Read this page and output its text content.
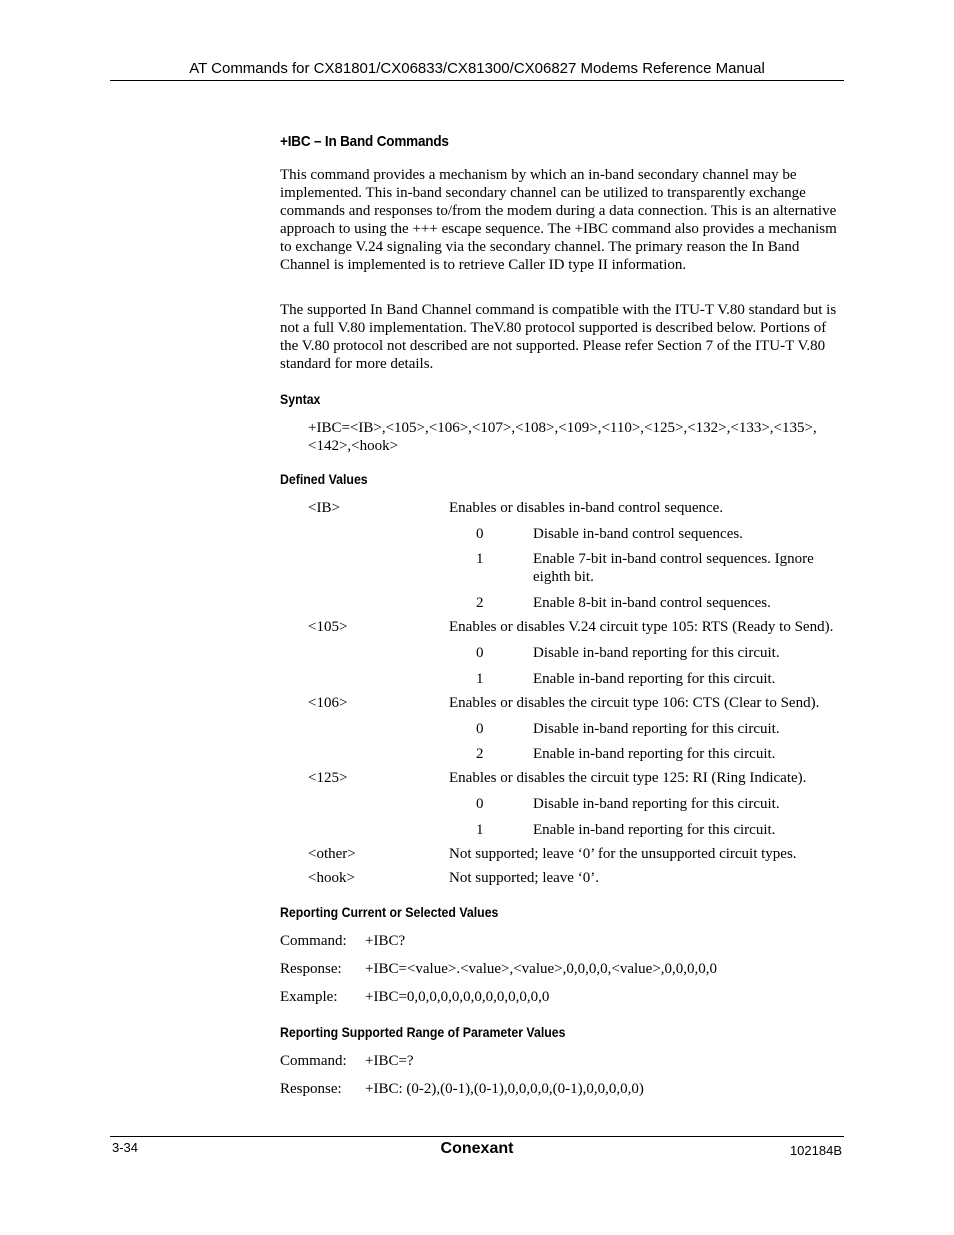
AT Commands for CX81801/CX06833/CX81300/CX06827 Modems Reference Manual
+IBC – In Band Commands
This command provides a mechanism by which an in-band secondary channel may be implemented. This in-band secondary channel can be utilized to transparently exchange commands and responses to/from the modem during a data connection. This is an alternative approach to using the +++ escape sequence. The +IBC command also provides a mechanism to exchange V.24 signaling via the secondary channel. The primary reason the In Band Channel is implemented is to retrieve Caller ID type II information.
The supported In Band Channel command is compatible with the ITU-T V.80 standard but is not a full V.80 implementation. TheV.80 protocol supported is described below. Portions of the V.80 protocol not described are not supported. Please refer Section 7 of the ITU-T V.80 standard for more details.
Syntax
+IBC=<IB>,<105>,<106>,<107>,<108>,<109>,<110>,<125>,<132>,<133>,<135>,
<142>,<hook>
Defined Values
<IB>	Enables or disables in-band control sequence.
0	Disable in-band control sequences.
1	Enable 7-bit in-band control sequences. Ignore eighth bit.
2	Enable 8-bit in-band control sequences.
<105>	Enables or disables V.24 circuit type 105: RTS (Ready to Send).
0	Disable in-band reporting for this circuit.
1	Enable in-band reporting for this circuit.
<106>	Enables or disables the circuit type 106: CTS (Clear to Send).
0	Disable in-band reporting for this circuit.
2	Enable in-band reporting for this circuit.
<125>	Enables or disables the circuit type 125: RI (Ring Indicate).
0	Disable in-band reporting for this circuit.
1	Enable in-band reporting for this circuit.
<other>	Not supported; leave ‘0’ for the unsupported circuit types.
<hook>	Not supported; leave ‘0’.
Reporting Current or Selected Values
Command: +IBC?
Response: +IBC=<value>.<value>,<value>,0,0,0,0,<value>,0,0,0,0,0
Example: +IBC=0,0,0,0,0,0,0,0,0,0,0,0,0
Reporting Supported Range of Parameter Values
Command: +IBC=?
Response: +IBC: (0-2),(0-1),(0-1),0,0,0,0,(0-1),0,0,0,0,0)
3-34	Conexant	102184B
